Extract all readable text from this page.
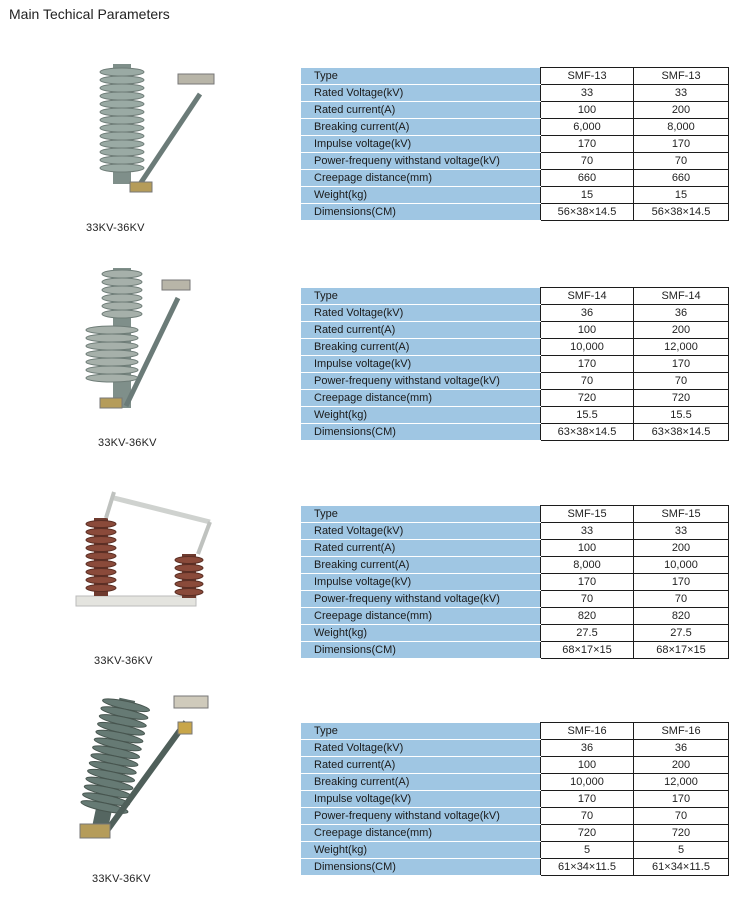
Main Techical Parameters
33KV-36KV
Type	SMF-13	SMF-13
Rated Voltage(kV)	33	33
Rated current(A)	100	200
Breaking current(A)	6,000	8,000
Impulse voltage(kV)	170	170
Power-frequeny withstand voltage(kV)	70	70
Creepage distance(mm)	660	660
Weight(kg)	15	15
Dimensions(CM)	56×38×14.5	56×38×14.5
33KV-36KV
Type	SMF-14	SMF-14
Rated Voltage(kV)	36	36
Rated current(A)	100	200
Breaking current(A)	10,000	12,000
Impulse voltage(kV)	170	170
Power-frequeny withstand voltage(kV)	70	70
Creepage distance(mm)	720	720
Weight(kg)	15.5	15.5
Dimensions(CM)	63×38×14.5	63×38×14.5
33KV-36KV
Type	SMF-15	SMF-15
Rated Voltage(kV)	33	33
Rated current(A)	100	200
Breaking current(A)	8,000	10,000
Impulse voltage(kV)	170	170
Power-frequeny withstand voltage(kV)	70	70
Creepage distance(mm)	820	820
Weight(kg)	27.5	27.5
Dimensions(CM)	68×17×15	68×17×15
33KV-36KV
Type	SMF-16	SMF-16
Rated Voltage(kV)	36	36
Rated current(A)	100	200
Breaking current(A)	10,000	12,000
Impulse voltage(kV)	170	170
Power-frequeny withstand voltage(kV)	70	70
Creepage distance(mm)	720	720
Weight(kg)	5	5
Dimensions(CM)	61×34×11.5	61×34×11.5
